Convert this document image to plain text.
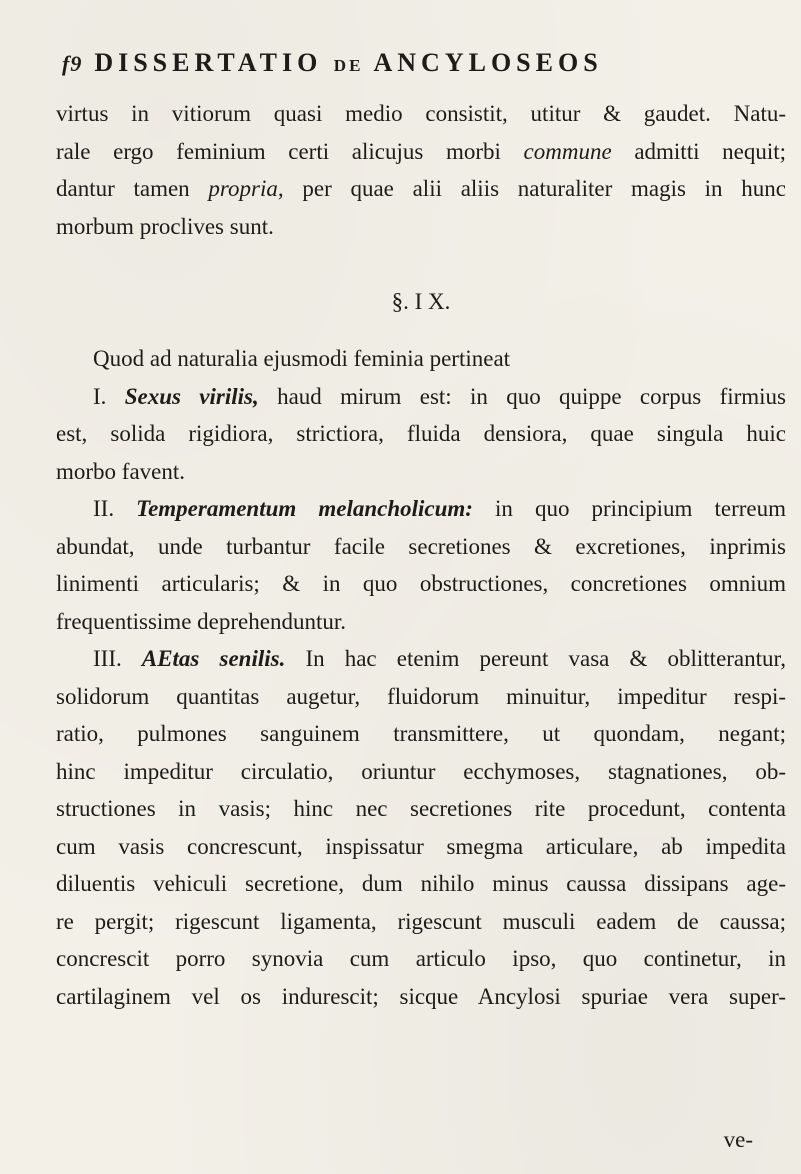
f9 DISSERTATIO DE ANCYLOSEOS
virtus in vitiorum quasi medio consistit, utitur & gaudet. Natu-
rale ergo feminium certi alicujus morbi commune admitti nequit;
dantur tamen propria, per quae alii aliis naturaliter magis in hunc
morbum proclives sunt.
§. I X.
Quod ad naturalia ejusmodi feminia pertineat
I. Sexus virilis, haud mirum est: in quo quippe corpus firmius
est, solida rigidiora, strictiora, fluida densiora, quae singula huic
morbo favent.
II. Temperamentum melancholicum: in quo principium terreum
abundat, unde turbantur facile secretiones & excretiones, inprimis
linimenti articularis; & in quo obstructiones, concretiones omnium
frequentissime deprehenduntur.
III. AEtas senilis. In hac etenim pereunt vasa & oblitterantur,
solidorum quantitas augetur, fluidorum minuitur, impeditur respi-
ratio, pulmones sanguinem transmittere, ut quondam, negant;
hinc impeditur circulatio, oriuntur ecchymoses, stagnationes, ob-
structiones in vasis; hinc nec secretiones rite procedunt, contenta
cum vasis concrescunt, inspissatur smegma articulare, ab impedita
diluentis vehiculi secretione, dum nihilo minus caussa dissipans age-
re pergit; rigescunt ligamenta, rigescunt musculi eadem de caussa;
concrescit porro synovia cum articulo ipso, quo continetur, in
cartilaginem vel os indurescit; sicque Ancylosi spuriae vera super-
ve-
